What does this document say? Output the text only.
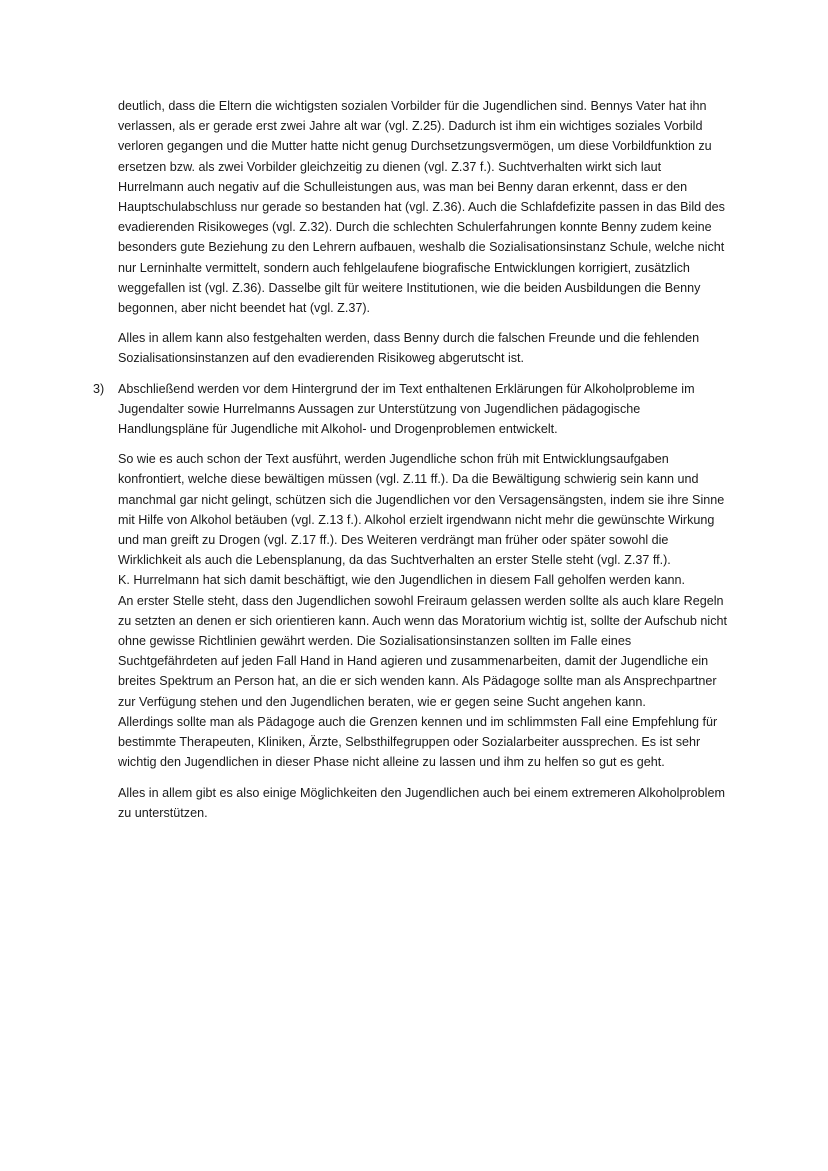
deutlich, dass die Eltern die wichtigsten sozialen Vorbilder für die Jugendlichen sind. Bennys Vater hat ihn verlassen, als er gerade erst zwei Jahre alt war (vgl. Z.25). Dadurch ist ihm ein wichtiges soziales Vorbild verloren gegangen und die Mutter hatte nicht genug Durchsetzungsvermögen, um diese Vorbildfunktion zu ersetzen bzw. als zwei Vorbilder gleichzeitig zu dienen (vgl. Z.37 f.). Suchtverhalten wirkt sich laut Hurrelmann auch negativ auf die Schulleistungen aus, was man bei Benny daran erkennt, dass er den Hauptschulabschluss nur gerade so bestanden hat (vgl. Z.36). Auch die Schlafdefizite passen in das Bild des evadierenden Risikoweges (vgl. Z.32). Durch die schlechten Schulerfahrungen konnte Benny zudem keine besonders gute Beziehung zu den Lehrern aufbauen, weshalb die Sozialisationsinstanz Schule, welche nicht nur Lerninhalte vermittelt, sondern auch fehlgelaufene biografische Entwicklungen korrigiert, zusätzlich weggefallen ist (vgl. Z.36). Dasselbe gilt für weitere Institutionen, wie die beiden Ausbildungen die Benny begonnen, aber nicht beendet hat (vgl. Z.37).

Alles in allem kann also festgehalten werden, dass Benny durch die falschen Freunde und die fehlenden Sozialisationsinstanzen auf den evadierenden Risikoweg abgerutscht ist.

3) Abschließend werden vor dem Hintergrund der im Text enthaltenen Erklärungen für Alkoholprobleme im Jugendalter sowie Hurrelmanns Aussagen zur Unterstützung von Jugendlichen pädagogische Handlungspläne für Jugendliche mit Alkohol- und Drogenproblemen entwickelt.

So wie es auch schon der Text ausführt, werden Jugendliche schon früh mit Entwicklungsaufgaben konfrontiert, welche diese bewältigen müssen (vgl. Z.11 ff.). Da die Bewältigung schwierig sein kann und manchmal gar nicht gelingt, schützen sich die Jugendlichen vor den Versagensängsten, indem sie ihre Sinne mit Hilfe von Alkohol betäuben (vgl. Z.13 f.). Alkohol erzielt irgendwann nicht mehr die gewünschte Wirkung und man greift zu Drogen (vgl. Z.17 ff.). Des Weiteren verdrängt man früher oder später sowohl die Wirklichkeit als auch die Lebensplanung, da das Suchtverhalten an erster Stelle steht (vgl. Z.37 ff.).

K. Hurrelmann hat sich damit beschäftigt, wie den Jugendlichen in diesem Fall geholfen werden kann.

An erster Stelle steht, dass den Jugendlichen sowohl Freiraum gelassen werden sollte als auch klare Regeln zu setzten an denen er sich orientieren kann. Auch wenn das Moratorium wichtig ist, sollte der Aufschub nicht ohne gewisse Richtlinien gewährt werden. Die Sozialisationsinstanzen sollten im Falle eines Suchtgefährdeten auf jeden Fall Hand in Hand agieren und zusammenarbeiten, damit der Jugendliche ein breites Spektrum an Person hat, an die er sich wenden kann. Als Pädagoge sollte man als Ansprechpartner zur Verfügung stehen und den Jugendlichen beraten, wie er gegen seine Sucht angehen kann.

Allerdings sollte man als Pädagoge auch die Grenzen kennen und im schlimmsten Fall eine Empfehlung für bestimmte Therapeuten, Kliniken, Ärzte, Selbsthilfegruppen oder Sozialarbeiter aussprechen. Es ist sehr wichtig den Jugendlichen in dieser Phase nicht alleine zu lassen und ihm zu helfen so gut es geht.

Alles in allem gibt es also einige Möglichkeiten den Jugendlichen auch bei einem extremeren Alkoholproblem zu unterstützen.
